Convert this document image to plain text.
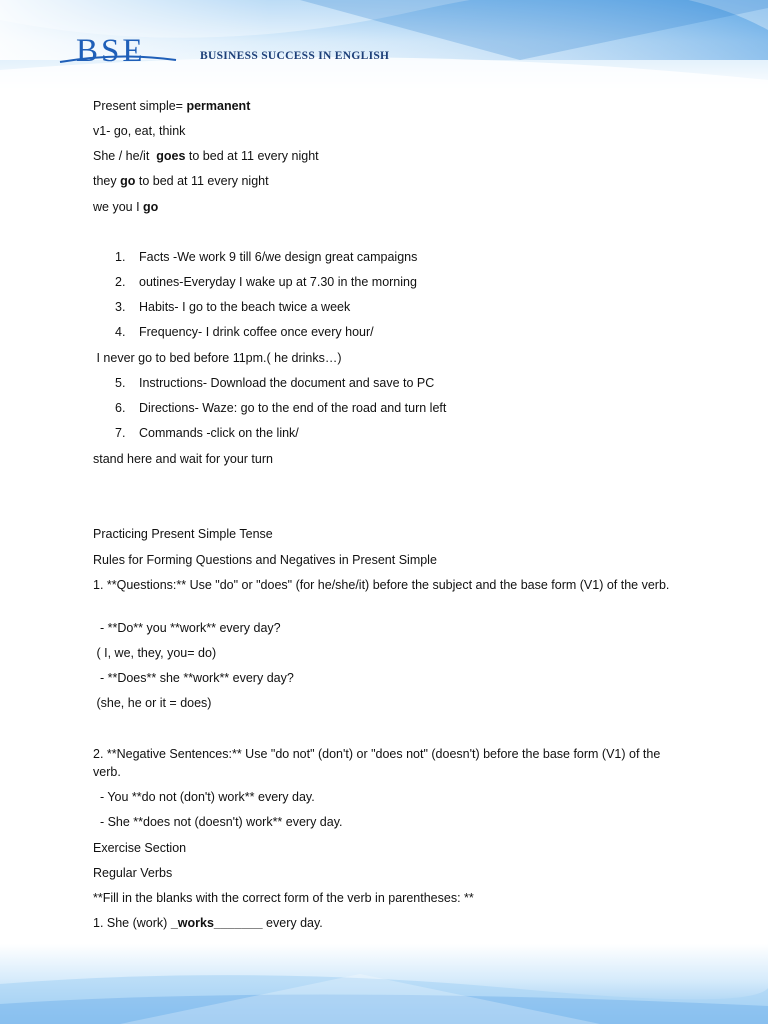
BSE	BUSINESS SUCCESS IN ENGLISH
Present simple= permanent
v1- go, eat, think
She / he/it  goes to bed at 11 every night
they go to bed at 11 every night
we you I go
1. Facts -We work 9 till 6/we design great campaigns
2. outines-Everyday I wake up at 7.30 in the morning
3. Habits- I go to the beach twice a week
4. Frequency- I drink coffee once every hour/
I never go to bed before 11pm.( he drinks…)
5. Instructions- Download the document and save to PC
6. Directions- Waze: go to the end of the road and turn left
7. Commands -click on the link/
stand here and wait for your turn
Practicing Present Simple Tense
Rules for Forming Questions and Negatives in Present Simple
1. **Questions:** Use "do" or "does" (for he/she/it) before the subject and the base form (V1) of the verb.
- **Do** you **work** every day?
( I, we, they, you= do)
- **Does** she **work** every day?
(she, he or it = does)
2. **Negative Sentences:** Use "do not" (don't) or "does not" (doesn't) before the base form (V1) of the verb.
- You **do not (don't) work** every day.
- She **does not (doesn't) work** every day.
Exercise Section
Regular Verbs
**Fill in the blanks with the correct form of the verb in parentheses: **
1. She (work) _works_______ every day.
